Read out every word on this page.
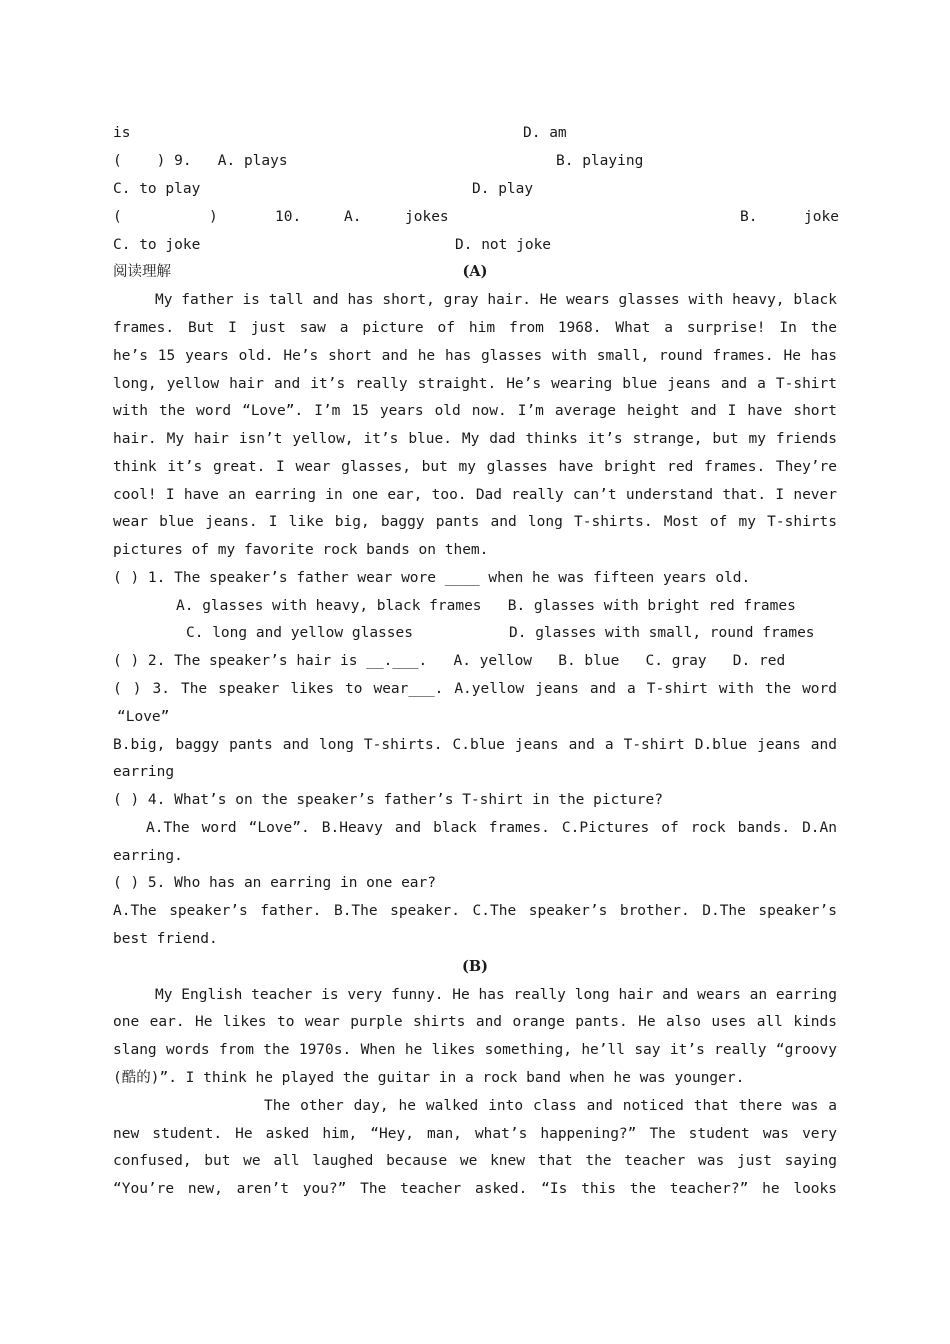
is	D. am
(    ) 9.   A. plays	B. playing
C. to play	D. play
(          )	10.	A.	jokes	B.	joke
C. to joke	D. not joke
阅读理解	(A)
My father is tall and has short, gray hair. He wears glasses with heavy, black
frames. But I just saw a picture of him from 1968. What a surprise! In the
he’s 15 years old. He’s short and he has glasses with small, round frames. He has
long, yellow hair and it’s really straight. He’s wearing blue jeans and a T-shirt
with the word “Love”. I’m 15 years old now. I’m average height and I have short
hair. My hair isn’t yellow, it’s blue. My dad thinks it’s strange, but my friends
think it’s great. I wear glasses, but my glasses have bright red frames. They’re
cool! I have an earring in one ear, too. Dad really can’t understand that. I never
wear blue jeans. I like big, baggy pants and long T-shirts. Most of my T-shirts
pictures of my favorite rock bands on them.
( ) 1. The speaker’s father wear wore ____ when he was fifteen years old.
A. glasses with heavy, black frames   B. glasses with bright red frames
C. long and yellow glasses           D. glasses with small, round frames
( ) 2. The speaker’s hair is __.___.   A. yellow   B. blue   C. gray   D. red
( ) 3. The speaker likes to wear___. A.yellow jeans and a T-shirt with the word
“Love”
B.big, baggy pants and long T-shirts. C.blue jeans and a T-shirt D.blue jeans and
earring
( ) 4. What’s on the speaker’s father’s T-shirt in the picture?
A.The word “Love”. B.Heavy and black frames. C.Pictures of rock bands. D.An
earring.
( ) 5. Who has an earring in one ear?
A.The speaker’s father. B.The speaker. C.The speaker’s brother. D.The speaker’s
best friend.
(B)
My English teacher is very funny. He has really long hair and wears an earring
one ear. He likes to wear purple shirts and orange pants. He also uses all kinds
slang words from the 1970s. When he likes something, he’ll say it’s really “groovy
(酷的)”. I think he played the guitar in a rock band when he was younger.
The other day, he walked into class and noticed that there was a
new student. He asked him, “Hey, man, what’s happening?” The student was very
confused, but we all laughed because we knew that the teacher was just saying
“You’re new, aren’t you?” The teacher asked. “Is this the teacher?” he looks
